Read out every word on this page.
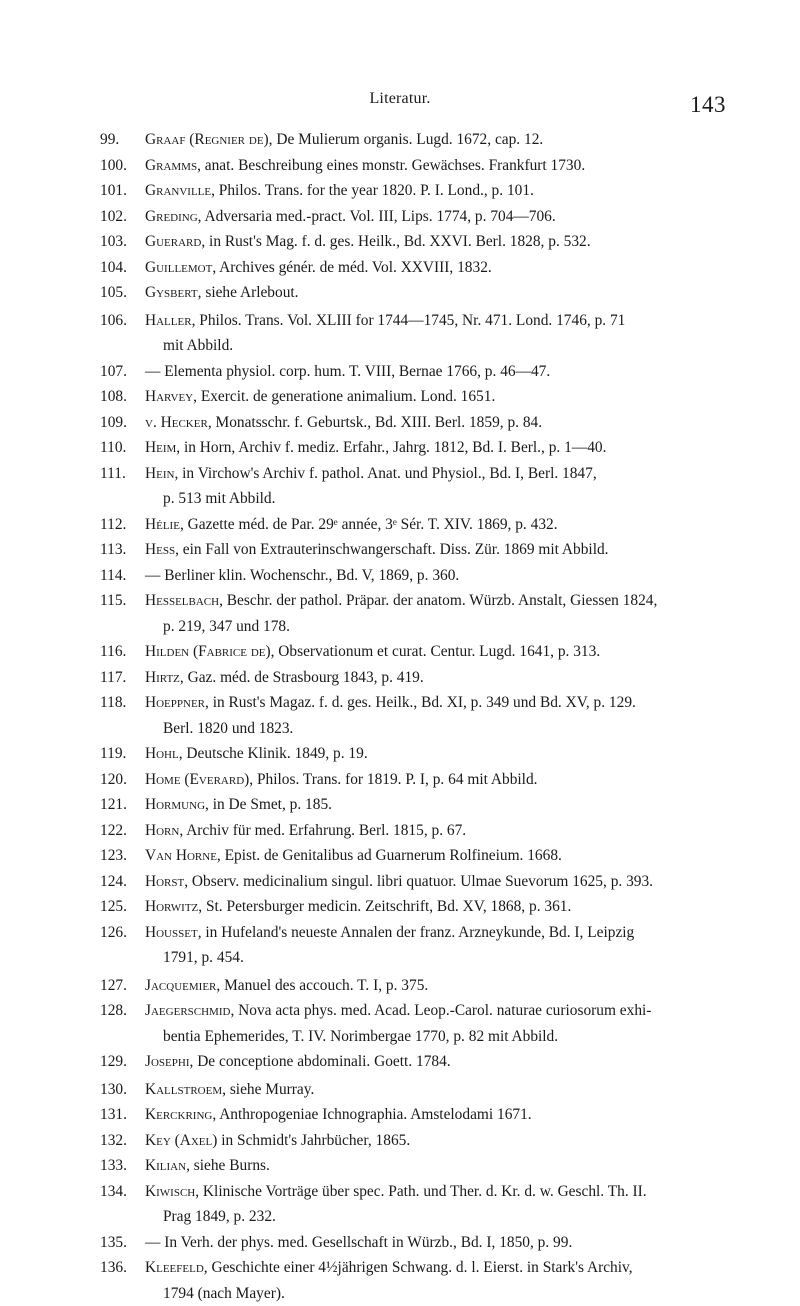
Literatur.	143
99.	Graaf (Regnier de), De Mulierum organis. Lugd. 1672, cap. 12.
100.	Gramms, anat. Beschreibung eines monstr. Gewächses. Frankfurt 1730.
101.	Granville, Philos. Trans. for the year 1820. P. I. Lond., p. 101.
102.	Greding, Adversaria med.-pract. Vol. III, Lips. 1774, p. 704—706.
103.	Guerard, in Rust's Mag. f. d. ges. Heilk., Bd. XXVI. Berl. 1828, p. 532.
104.	Guillemot, Archives génér. de méd. Vol. XXVIII, 1832.
105.	Gysbert, siehe Arlebout.
106.	Haller, Philos. Trans. Vol. XLIII for 1744—1745, Nr. 471. Lond. 1746, p. 71
mit Abbild.
107.	— Elementa physiol. corp. hum. T. VIII, Bernae 1766, p. 46—47.
108.	Harvey, Exercit. de generatione animalium. Lond. 1651.
109.	v. Hecker, Monatsschr. f. Geburtsk., Bd. XIII. Berl. 1859, p. 84.
110.	Heim, in Horn, Archiv f. mediz. Erfahr., Jahrg. 1812, Bd. I. Berl., p. 1—40.
111.	Hein, in Virchow's Archiv f. pathol. Anat. und Physiol., Bd. I, Berl. 1847,
p. 513 mit Abbild.
112.	Hélie, Gazette méd. de Par. 29ᵉ année, 3ᵉ Sér. T. XIV. 1869, p. 432.
113.	Hess, ein Fall von Extrauterinschwangerschaft. Diss. Zür. 1869 mit Abbild.
114.	— Berliner klin. Wochenschr., Bd. V, 1869, p. 360.
115.	Hesselbach, Beschr. der pathol. Präpar. der anatom. Würzb. Anstalt, Giessen 1824,
p. 219, 347 und 178.
116.	Hilden (Fabrice de), Observationum et curat. Centur. Lugd. 1641, p. 313.
117.	Hirtz, Gaz. méd. de Strasbourg 1843, p. 419.
118.	Hoeppner, in Rust's Magaz. f. d. ges. Heilk., Bd. XI, p. 349 und Bd. XV, p. 129.
Berl. 1820 und 1823.
119.	Hohl, Deutsche Klinik. 1849, p. 19.
120.	Home (Everard), Philos. Trans. for 1819. P. I, p. 64 mit Abbild.
121.	Hormung, in De Smet, p. 185.
122.	Horn, Archiv für med. Erfahrung. Berl. 1815, p. 67.
123.	Van Horne, Epist. de Genitalibus ad Guarnerum Rolfineium. 1668.
124.	Horst, Observ. medicinalium singul. libri quatuor. Ulmae Suevorum 1625, p. 393.
125.	Horwitz, St. Petersburger medicin. Zeitschrift, Bd. XV, 1868, p. 361.
126.	Housset, in Hufeland's neueste Annalen der franz. Arzneykunde, Bd. I, Leipzig
1791, p. 454.
127.	Jacquemier, Manuel des accouch. T. I, p. 375.
128.	Jaegerschmid, Nova acta phys. med. Acad. Leop.-Carol. naturae curiosorum exhi-
bentia Ephemerides, T. IV. Norimbergae 1770, p. 82 mit Abbild.
129.	Josephi, De conceptione abdominali. Goett. 1784.
130.	Kallstroem, siehe Murray.
131.	Kerckring, Anthropogeniae Ichnographia. Amstelodami 1671.
132.	Key (Axel) in Schmidt's Jahrbücher, 1865.
133.	Kilian, siehe Burns.
134.	Kiwisch, Klinische Vorträge über spec. Path. und Ther. d. Kr. d. w. Geschl. Th. II.
Prag 1849, p. 232.
135.	— In Verh. der phys. med. Gesellschaft in Würzb., Bd. I, 1850, p. 99.
136.	Kleefeld, Geschichte einer 4½jährigen Schwang. d. l. Eierst. in Stark's Archiv,
1794 (nach Mayer).
